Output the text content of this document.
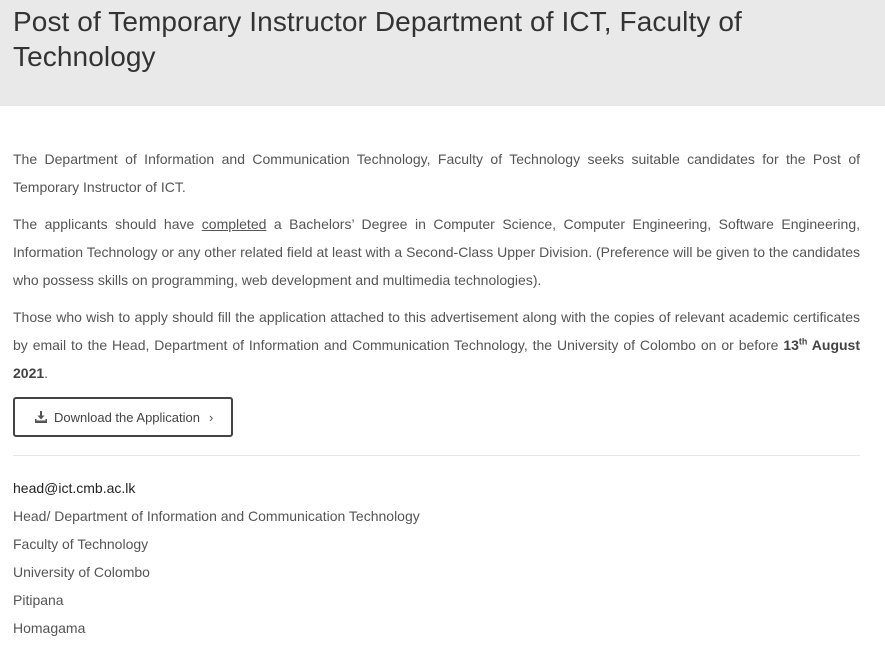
Post of Temporary Instructor Department of ICT, Faculty of Technology

The Department of Information and Communication Technology, Faculty of Technology seeks suitable candidates for the Post of Temporary Instructor of ICT.

The applicants should have completed a Bachelors’ Degree in Computer Science, Computer Engineering, Software Engineering, Information Technology or any other related field at least with a Second-Class Upper Division. (Preference will be given to the candidates who possess skills on programming, web development and multimedia technologies).

Those who wish to apply should fill the application attached to this advertisement along with the copies of relevant academic certificates by email to the Head, Department of Information and Communication Technology, the University of Colombo on or before 13th August 2021.

Download the Application ›
head@ict.cmb.ac.lk
Head/ Department of Information and Communication Technology
Faculty of Technology
University of Colombo
Pitipana
Homagama
